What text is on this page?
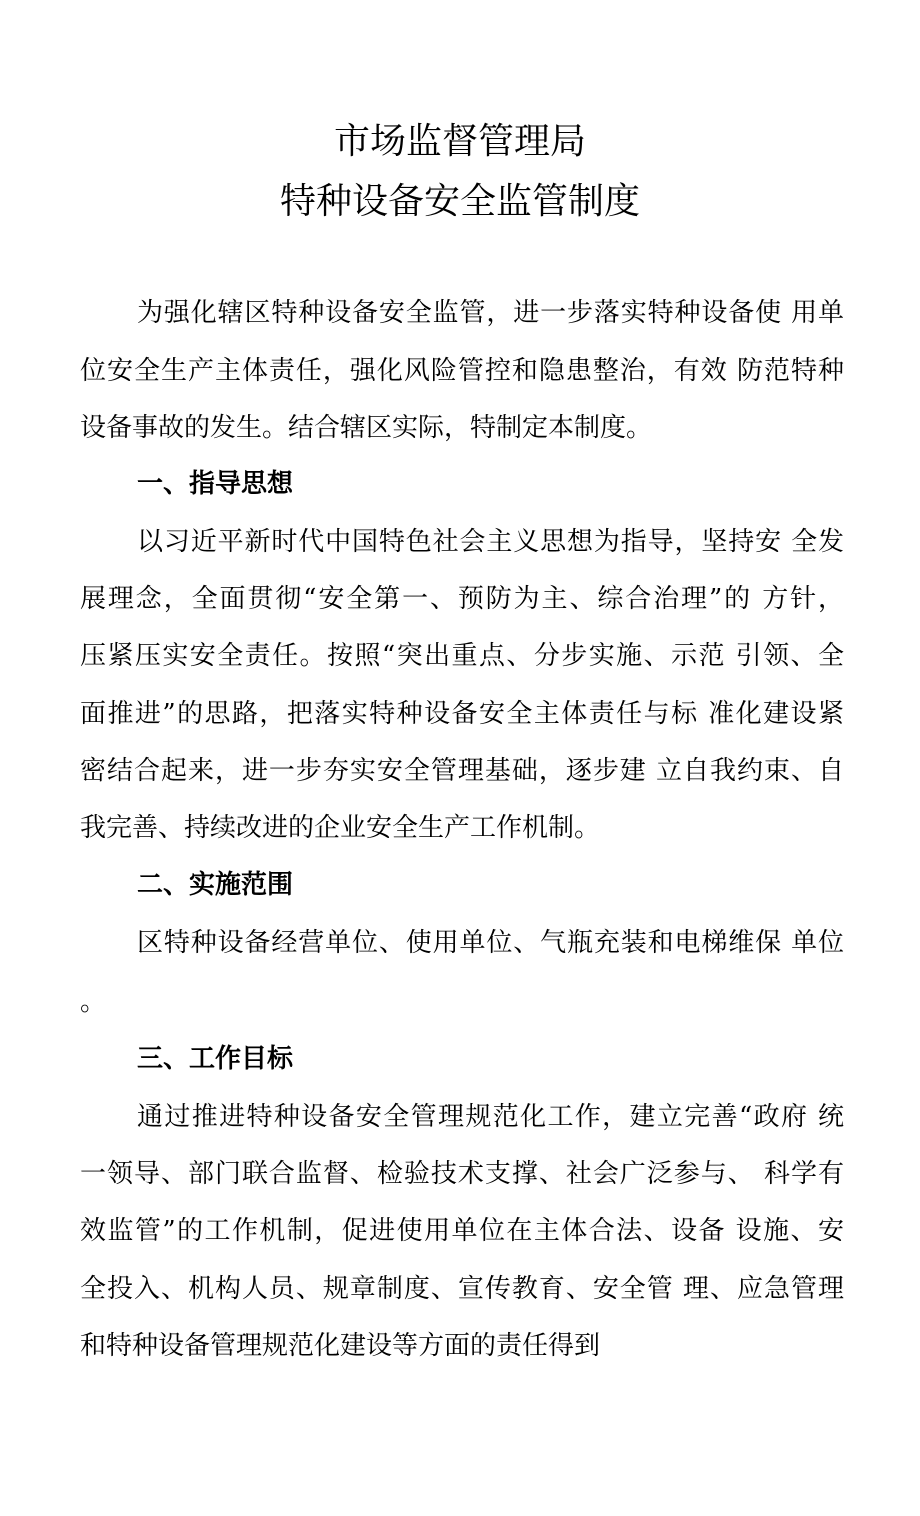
市场监督管理局
特种设备安全监管制度
为强化辖区特种设备安全监管，进一步落实特种设备使 用单
位安全生产主体责任，强化风险管控和隐患整治，有效 防范特种
设备事故的发生。结合辖区实际，特制定本制度。
一、指导思想
以习近平新时代中国特色社会主义思想为指导，坚持安 全发
展理念，全面贯彻“安全第一、预防为主、综合治理”的 方针，
压紧压实安全责任。按照“突出重点、分步实施、示范 引领、全
面推进”的思路，把落实特种设备安全主体责任与标 准化建设紧
密结合起来，进一步夯实安全管理基础，逐步建 立自我约束、自
我完善、持续改进的企业安全生产工作机制。
二、实施范围
区特种设备经营单位、使用单位、气瓶充装和电梯维保 单位
。
三、工作目标
通过推进特种设备安全管理规范化工作，建立完善“政府 统
一领导、部门联合监督、检验技术支撑、社会广泛参与、 科学有
效监管”的工作机制，促进使用单位在主体合法、设备 设施、安
全投入、机构人员、规章制度、宣传教育、安全管 理、应急管理
和特种设备管理规范化建设等方面的责任得到
